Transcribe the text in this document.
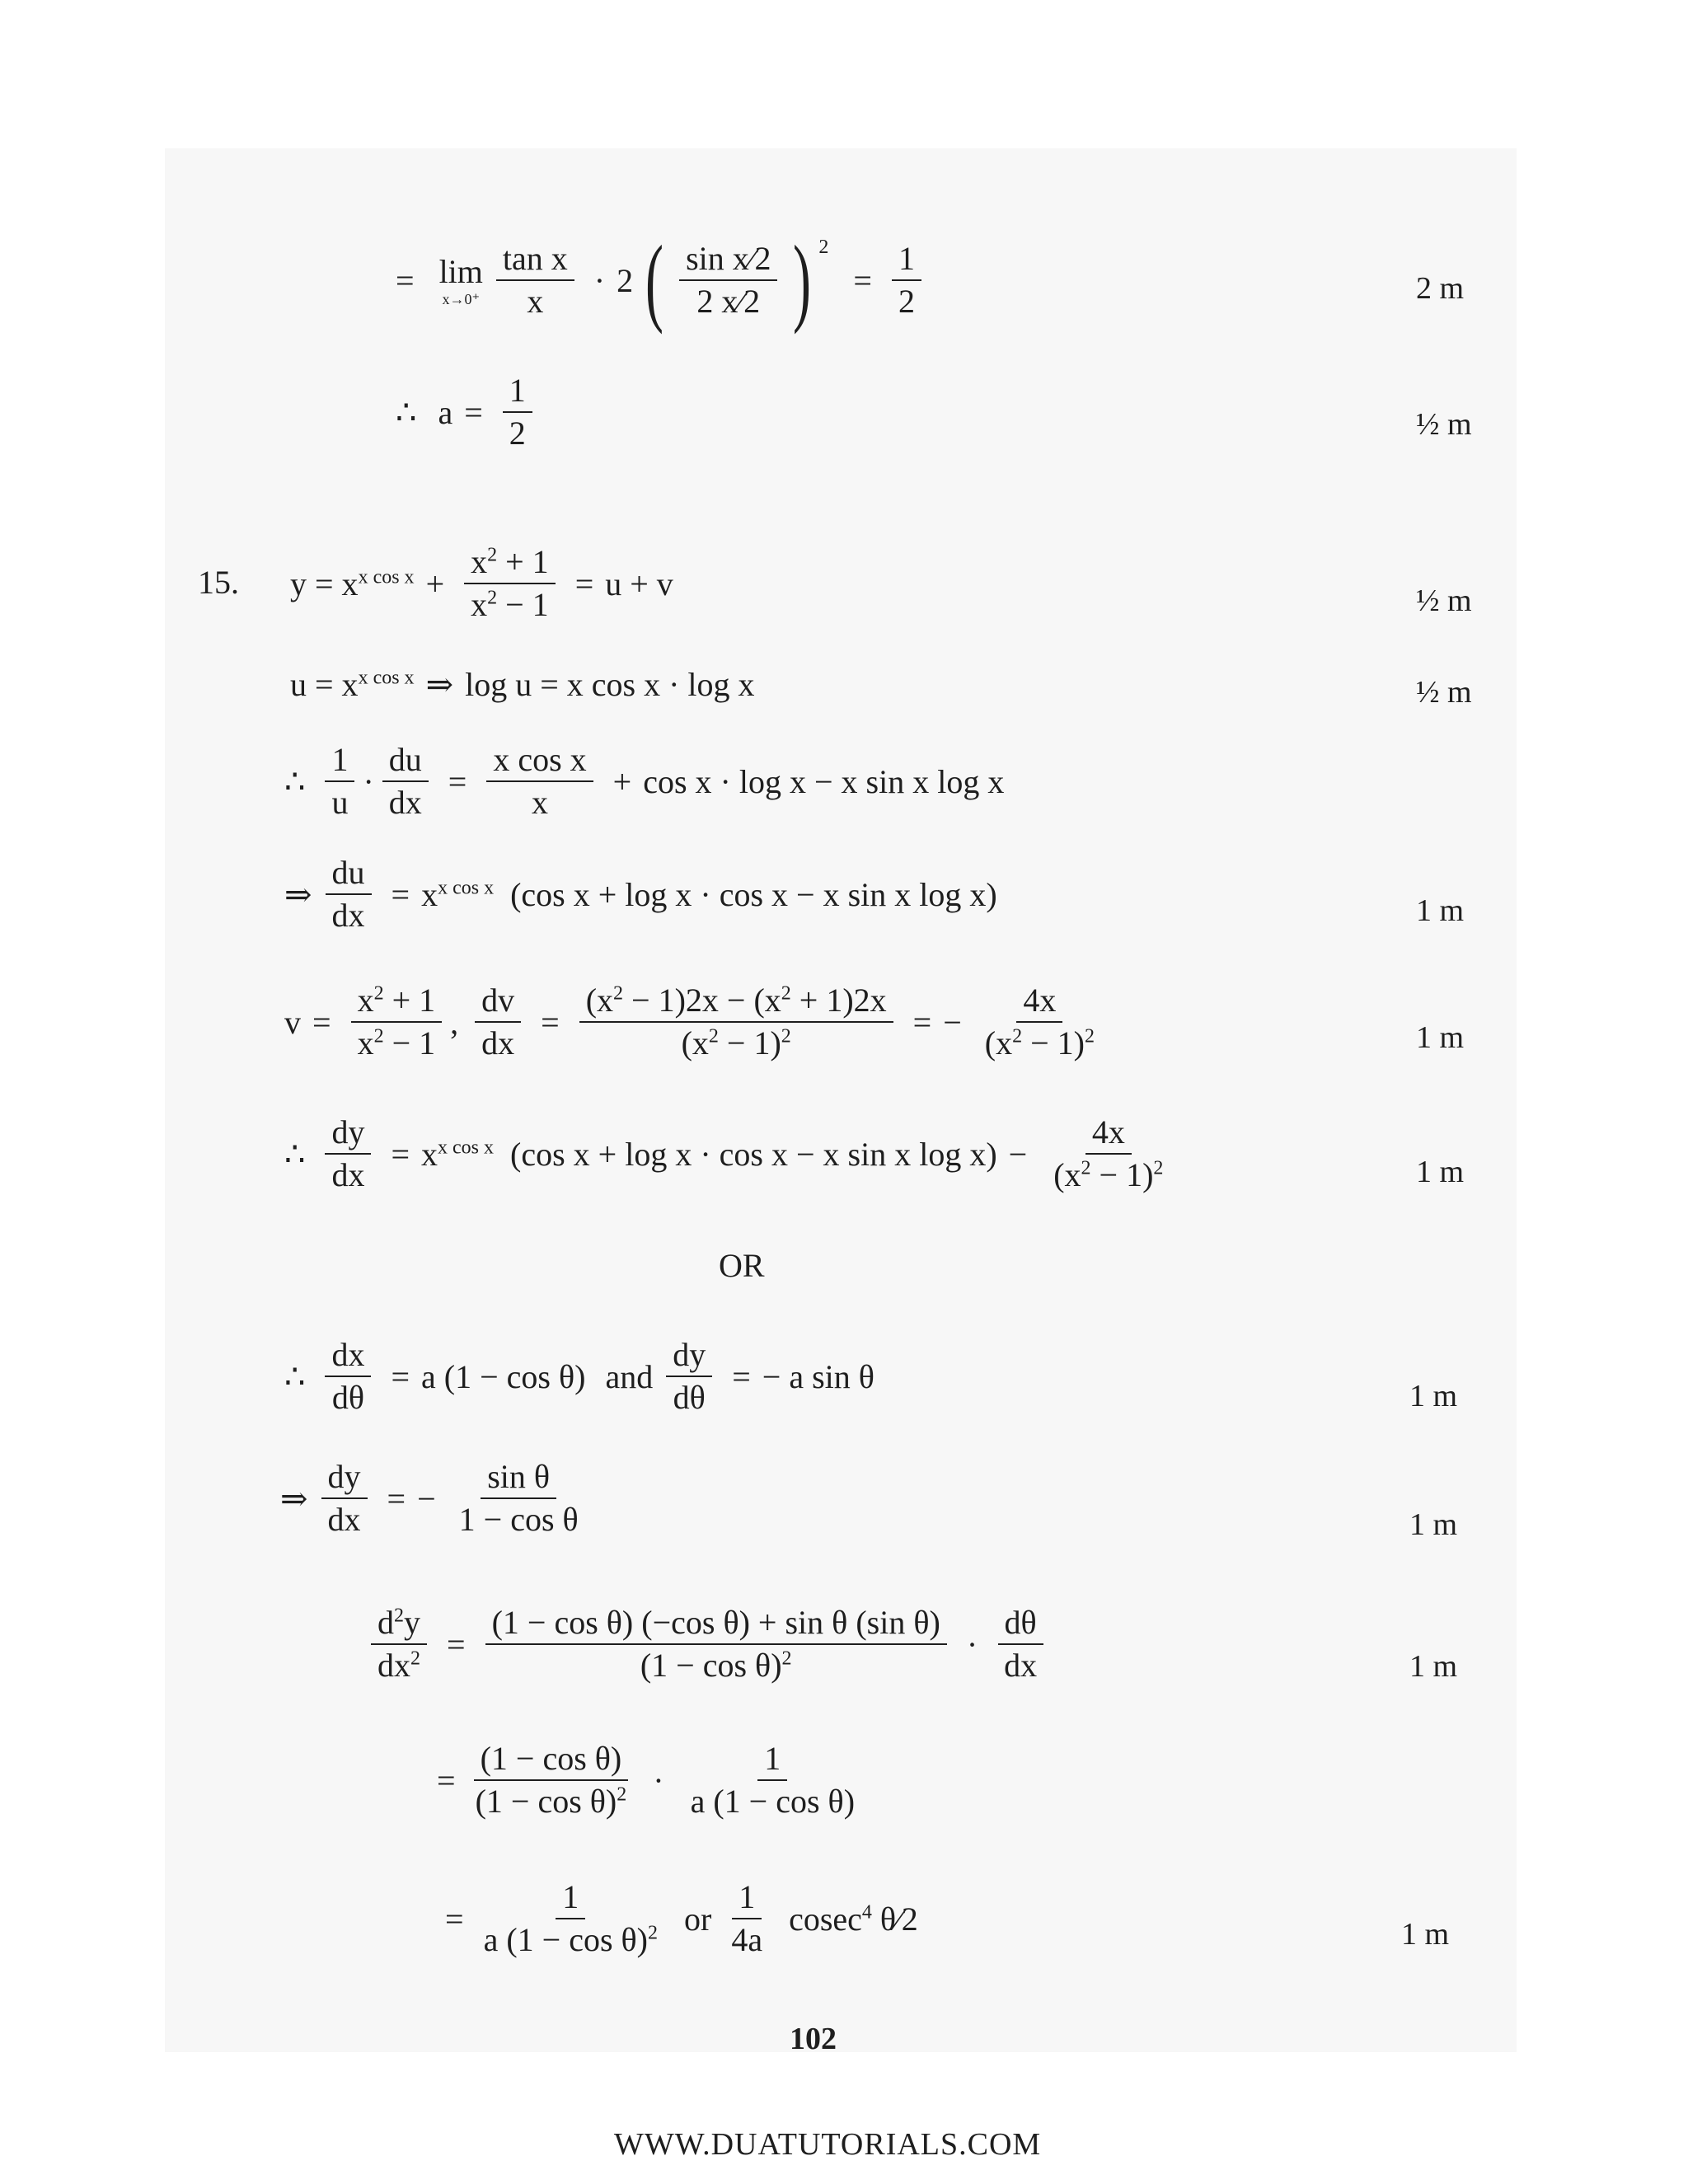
= lim
$x\to 0^+ \frac{\text{tan x}}{x} \cdot 2$ ( $\frac{\text{sin x⁄2}}{2 x⁄2}$ ) $^2$
= $\frac{1}{2}$	2 m
∴ $a = \frac{1}{2}$	½ m
15. $y = x^{x cos x} + \frac{x^2 + 1}{x^2 - 1} = u + v$	½ m
$u = x^{x cos x}$ ⇒ log u = x cos x · log x	½ m
∴ $\frac{1}{u} \cdot \frac{du}{dx} = \frac{\text{x cos x}}{x} + \cos x \cdot \log x - x$ sin x log x
⇒ $\frac{du}{dx} = x^{x cos x}$ (cos x + log x · cos x − x sin x log x)	1 m
$v = \frac{x^2 + 1}{x^2 - 1}$ , $\frac{dv}{dx} = \frac{(x^2 - 1)2x - (x^2 + 1)2x}{(x^2 - 1)^2}$ = − $\frac{4x}{(x^2 - 1)^2}$	1 m
∴ $\frac{dy}{dx} = x^{x cos x}$ (cos x + log x · cos x − x sin x $\log x) - \frac{4x}{(x^2 - 1)^2}$	1 m
OR
∴ $\frac{dx}{d\theta} = a$ (1 − cos θ) and $\frac{dy}{d\theta}$ = − a sin θ
1 m
⇒ $\frac{dy}{dx}$ = − $\frac{\text{sin θ}}{\text{1 − cos θ}}$	1 m
$\frac{d^2y}{dx^2} = \frac{\text{(1 − cos θ) (−cos θ) + sin θ (sin θ)}}{(1 - \cos \theta)^2} \cdot \frac{d\theta}{dx}$	1 m
= $\frac{\text{(1 − cos θ)}}{(1 - \cos \theta)^2} \cdot \frac{1}{\text{a (1 − cos θ)}}$
= $\frac{1}{a (1 - \cos \theta)^2}$ or $\frac{1}{4a} cosec^4$ θ⁄2	1 m
102
WWW.DUATUTORIALS.COM
